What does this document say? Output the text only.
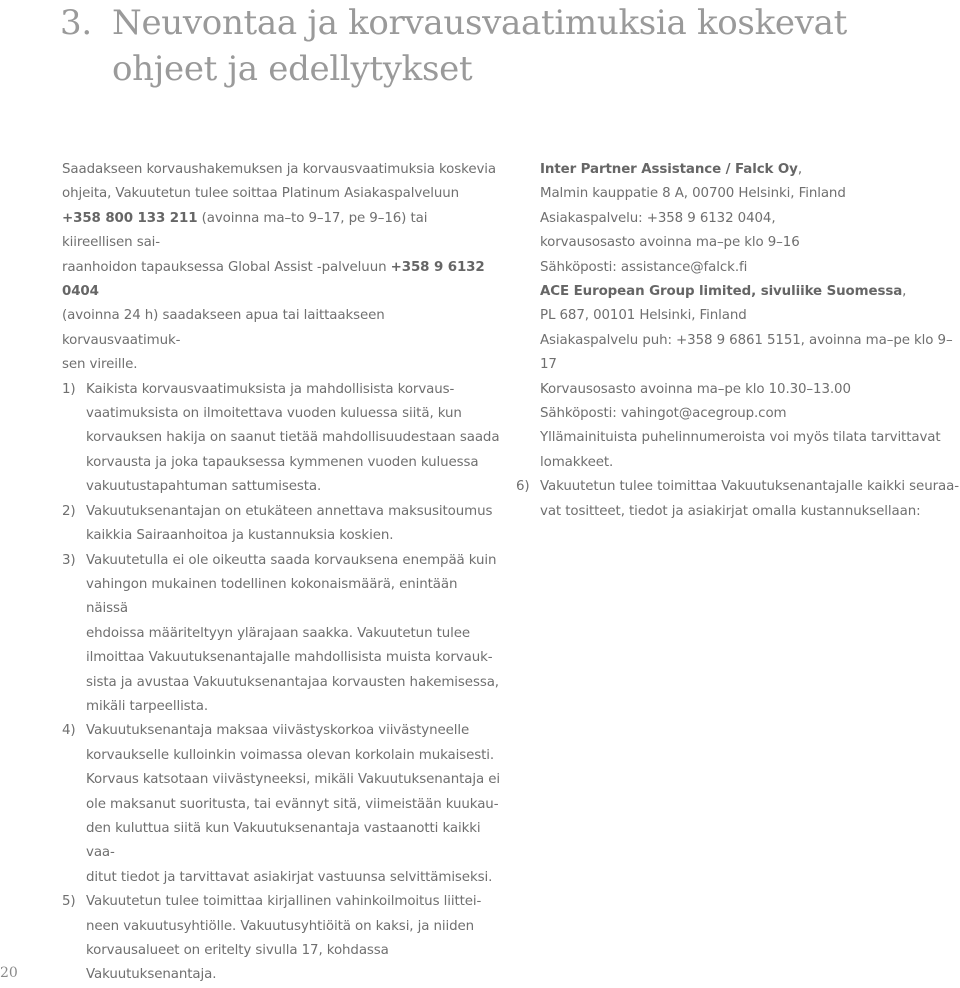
3. Neuvontaa ja korvausvaatimuksia koskevat
ohjeet ja edellytykset

Saadakseen korvaushakemuksen ja korvausvaatimuksia koskevia
ohjeita, Vakuutetun tulee soittaa Platinum Asiakaspalveluun
+358 800 133 211 (avoinna ma–to 9–17, pe 9–16) tai kiireellisen sai-
raanhoidon tapauksessa Global Assist -palveluun +358 9 6132 0404
(avoinna 24 h) saadakseen apua tai laittaakseen korvausvaatimuk-
sen vireille.

1) Kaikista korvausvaatimuksista ja mahdollisista korvaus-
vaatimuksista on ilmoitettava vuoden kuluessa siitä, kun
korvauksen hakija on saanut tietää mahdollisuudestaan saada
korvausta ja joka tapauksessa kymmenen vuoden kuluessa
vakuutustapahtuman sattumisesta.
2) Vakuutuksenantajan on etukäteen annettava maksusitoumus
kaikkia Sairaanhoitoa ja kustannuksia koskien.
3) Vakuutetulla ei ole oikeutta saada korvauksena enempää kuin
vahingon mukainen todellinen kokonaismäärä, enintään näissä
ehdoissa määriteltyyn ylärajaan saakka. Vakuutetun tulee
ilmoittaa Vakuutuksenantajalle mahdollisista muista korvauk-
sista ja avustaa Vakuutuksenantajaa korvausten hakemisessa,
mikäli tarpeellista.
4) Vakuutuksenantaja maksaa viivästyskorkoa viivästyneelle
korvaukselle kulloinkin voimassa olevan korkolain mukaisesti.
Korvaus katsotaan viivästyneeksi, mikäli Vakuutuksenantaja ei
ole maksanut suoritusta, tai evännyt sitä, viimeistään kuukau-
den kuluttua siitä kun Vakuutuksenantaja vastaanotti kaikki vaa-
ditut tiedot ja tarvittavat asiakirjat vastuunsa selvittämiseksi.
5) Vakuutetun tulee toimittaa kirjallinen vahinkoilmoitus liittei-
neen vakuutusyhtiölle. Vakuutusyhtiöitä on kaksi, ja niiden
korvausalueet on eritelty sivulla 17, kohdassa Vakuutuksenantaja.

Inter Partner Assistance / Falck Oy,
Malmin kauppatie 8 A, 00700 Helsinki, Finland
Asiakaspalvelu: +358 9 6132 0404,
korvausosasto avoinna ma–pe klo 9–16
Sähköposti: assistance@falck.fi

ACE European Group limited, sivuliike Suomessa,
PL 687, 00101 Helsinki, Finland
Asiakaspalvelu puh: +358 9 6861 5151, avoinna ma–pe klo 9–17
Korvausosasto avoinna ma–pe klo 10.30–13.00
Sähköposti: vahingot@acegroup.com
Yllämainituista puhelinnumeroista voi myös tilata tarvittavat
lomakkeet.

6) Vakuutetun tulee toimittaa Vakuutuksenantajalle kaikki seuraa-
vat tositteet, tiedot ja asiakirjat omalla kustannuksellaan:
20
